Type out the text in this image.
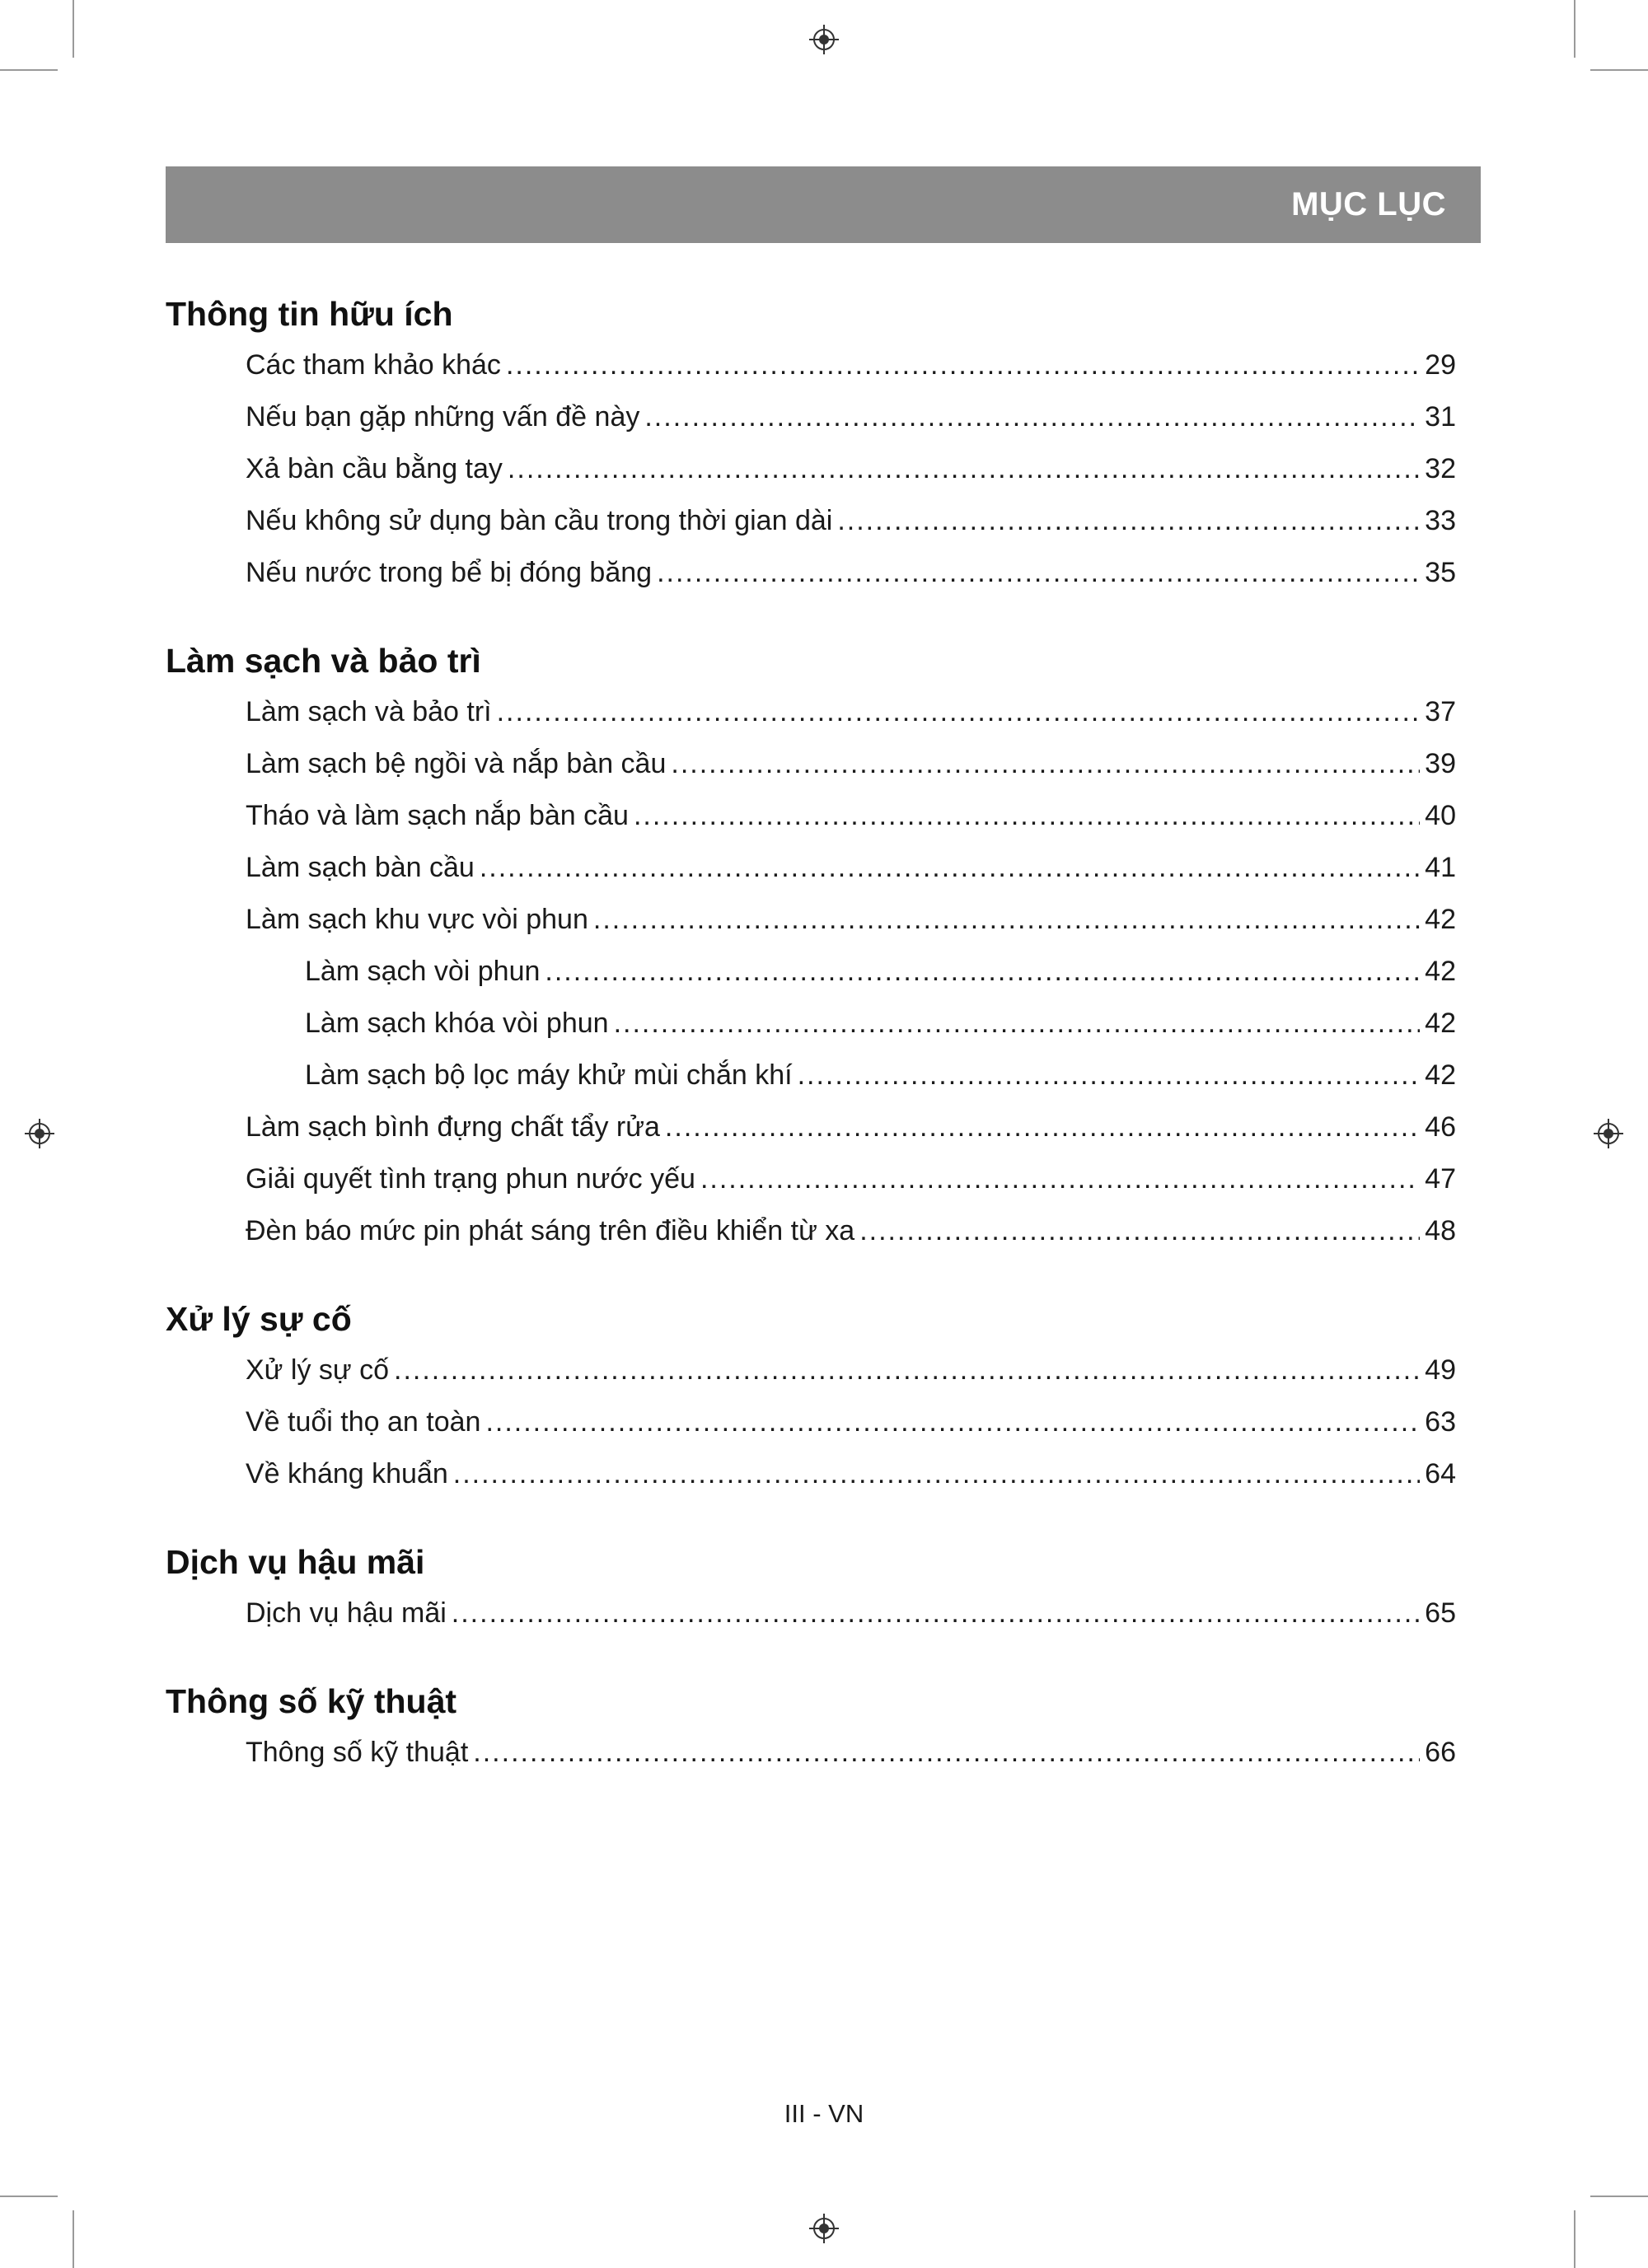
MỤC LỤC
Thông tin hữu ích
Các tham khảo khác .....	29
Nếu bạn gặp những vấn đề này .....	31
Xả bàn cầu bằng tay .....	32
Nếu không sử dụng bàn cầu trong thời gian dài .....	33
Nếu nước trong bể bị đóng băng .....	35
Làm sạch và bảo trì
Làm sạch và bảo trì .....	37
Làm sạch bệ ngồi và nắp bàn cầu .....	39
Tháo và làm sạch nắp bàn cầu .....	40
Làm sạch bàn cầu .....	41
Làm sạch khu vực vòi phun .....	42
Làm sạch vòi phun .....	42
Làm sạch khóa vòi phun .....	42
Làm sạch bộ lọc máy khử mùi chắn khí .....	42
Làm sạch bình đựng chất tẩy rửa .....	46
Giải quyết tình trạng phun nước yếu .....	47
Đèn báo mức pin phát sáng trên điều khiển từ xa .....	48
Xử lý sự cố
Xử lý sự cố .....	49
Về tuổi thọ an toàn .....	63
Về kháng khuẩn .....	64
Dịch vụ hậu mãi
Dịch vụ hậu mãi .....	65
Thông số kỹ thuật
Thông số kỹ thuật .....	66
III - VN
